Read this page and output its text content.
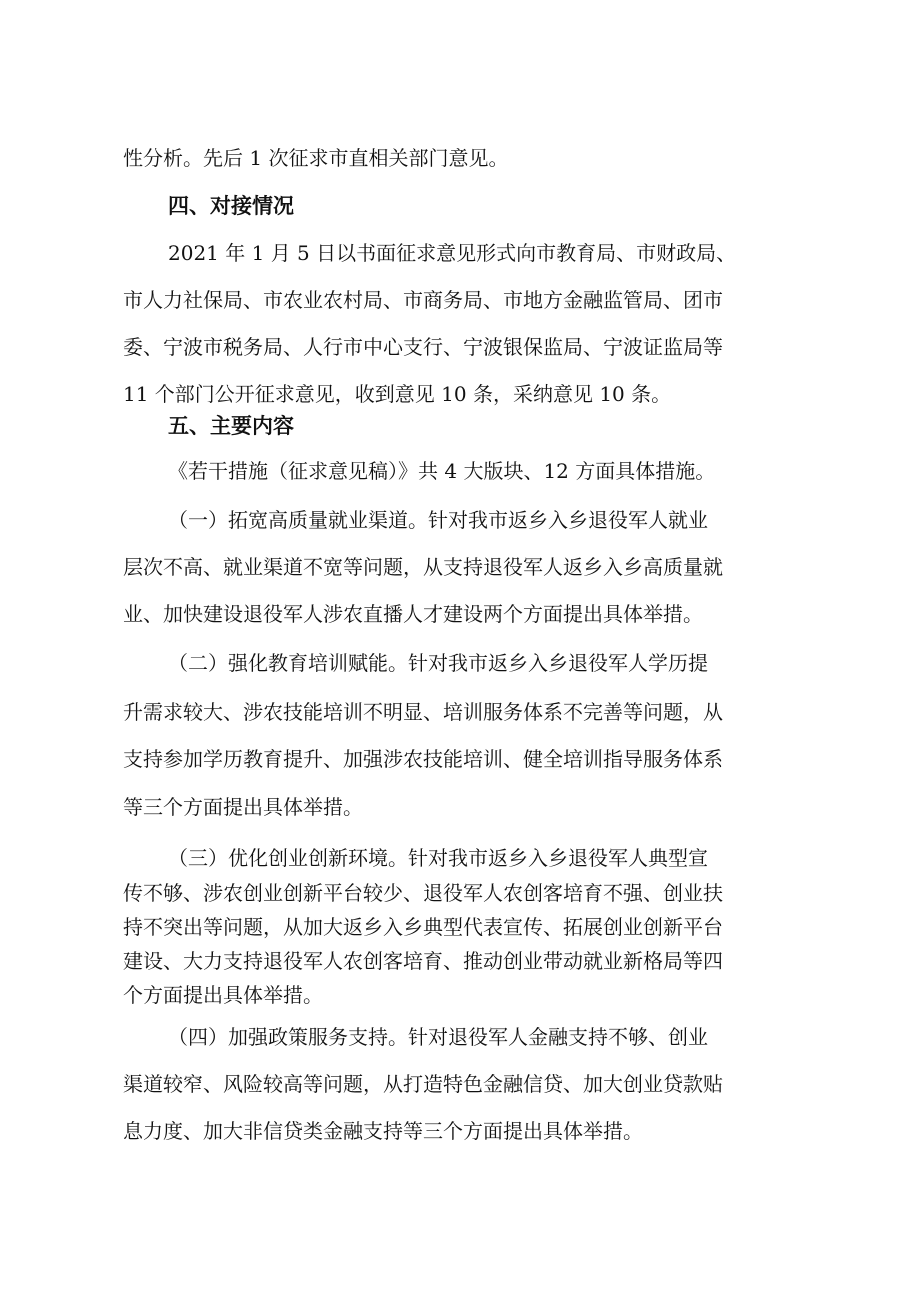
性分析。先后 1 次征求市直相关部门意见。
四、对接情况
2021 年 1 月 5 日以书面征求意见形式向市教育局、市财政局、
市人力社保局、市农业农村局、市商务局、市地方金融监管局、团市
委、宁波市税务局、人行市中心支行、宁波银保监局、宁波证监局等
11 个部门公开征求意见，收到意见 10 条，采纳意见 10 条。
五、主要内容
《若干措施（征求意见稿）》共 4 大版块、12 方面具体措施。
（一）拓宽高质量就业渠道。针对我市返乡入乡退役军人就业
层次不高、就业渠道不宽等问题，从支持退役军人返乡入乡高质量就
业、加快建设退役军人涉农直播人才建设两个方面提出具体举措。
（二）强化教育培训赋能。针对我市返乡入乡退役军人学历提
升需求较大、涉农技能培训不明显、培训服务体系不完善等问题，从
支持参加学历教育提升、加强涉农技能培训、健全培训指导服务体系
等三个方面提出具体举措。
（三）优化创业创新环境。针对我市返乡入乡退役军人典型宣
传不够、涉农创业创新平台较少、退役军人农创客培育不强、创业扶
持不突出等问题，从加大返乡入乡典型代表宣传、拓展创业创新平台
建设、大力支持退役军人农创客培育、推动创业带动就业新格局等四
个方面提出具体举措。
（四）加强政策服务支持。针对退役军人金融支持不够、创业
渠道较窄、风险较高等问题，从打造特色金融信贷、加大创业贷款贴
息力度、加大非信贷类金融支持等三个方面提出具体举措。
